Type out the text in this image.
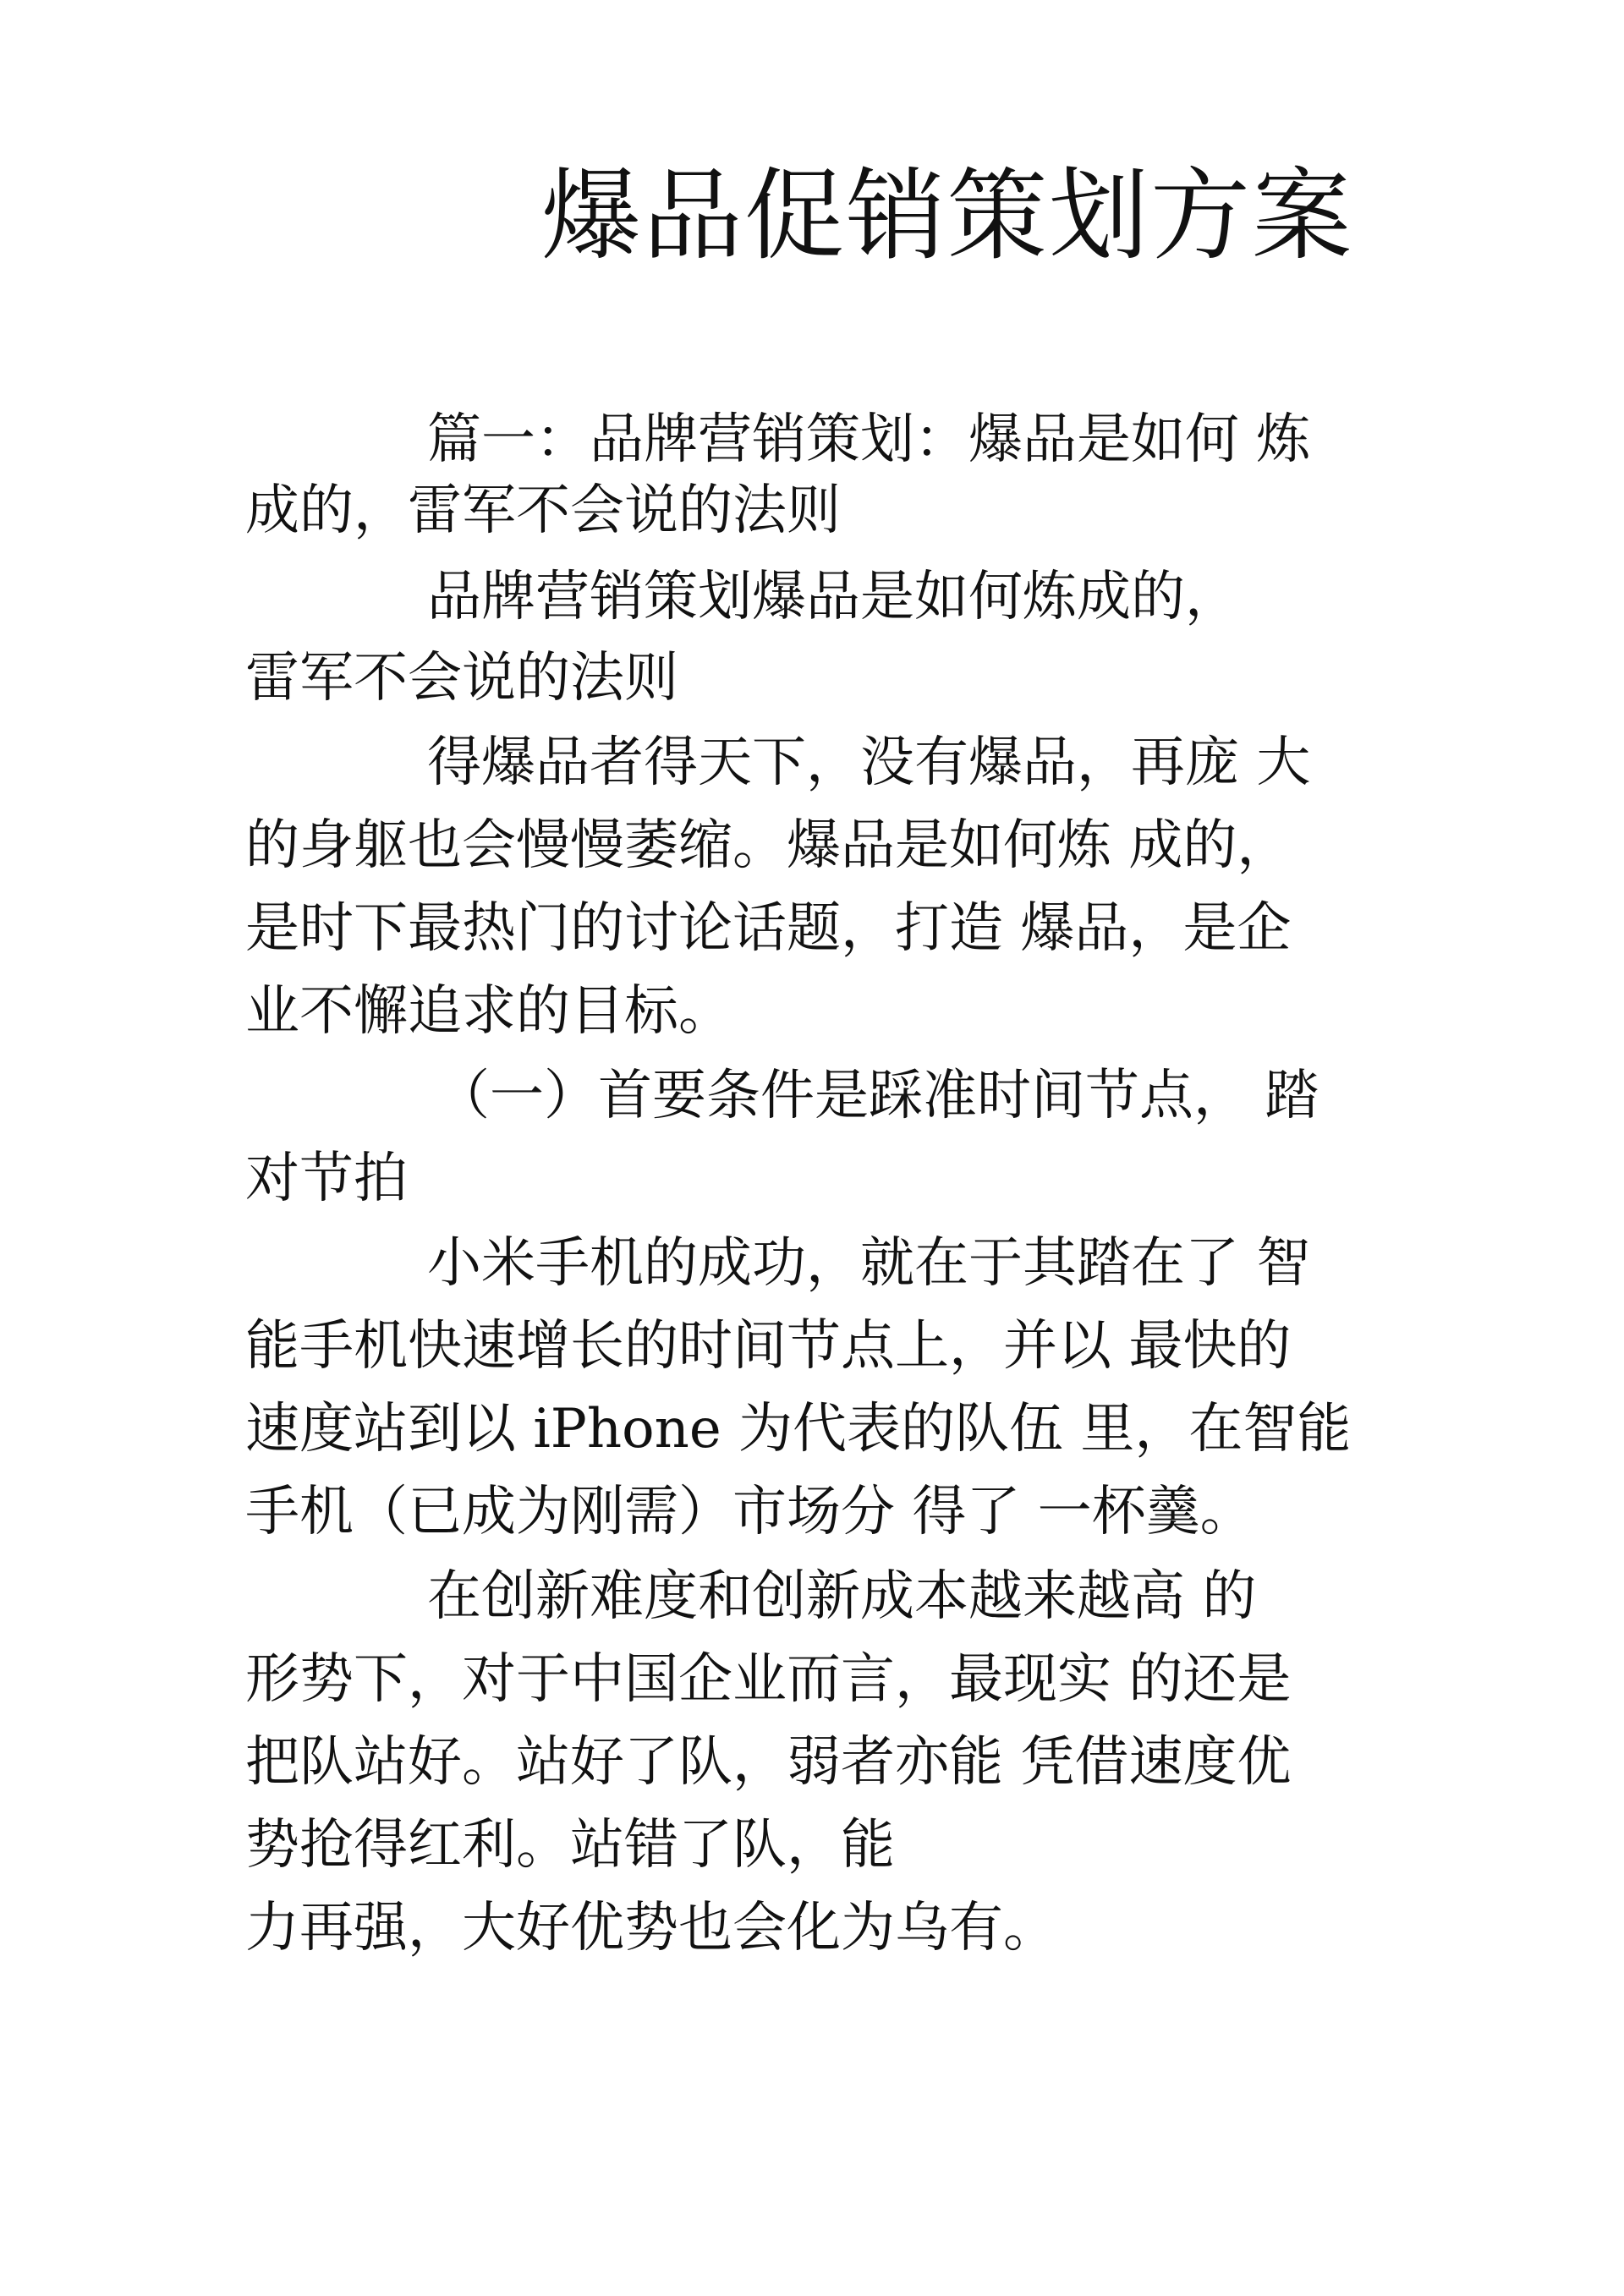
爆品促销策划方案
篇一：品牌营销策划：爆品是如何 炼
成的，雷军不会说的法则
品牌营销策划爆品是如何炼成的，
雷军不会说的法则
得爆品者得天下，没有爆品，再庞 大
的身躯也会慢慢萎缩。爆品是如何炼 成的，
是时下最热门的讨论话题，打造 爆品，是企
业不懈追求的目标。
（一）首要条件是踩准时间节点， 踏
对节拍
小米手机的成功，就在于其踏在了 智
能手机快速增长的时间节点上，并以 最快的
速度站到以 iPhone 为代表的队伍 里，在智能
手机（已成为刚需）市场分 得了 一杯羹。
在创新难度和创新成本越来越高 的
形势下，对于中国企业而言，最现实 的还是
把队站好。站好了队，弱者亦能 凭借速度优
势抢得红利。站错了队，能
力再强，大好优势也会化为乌有。
